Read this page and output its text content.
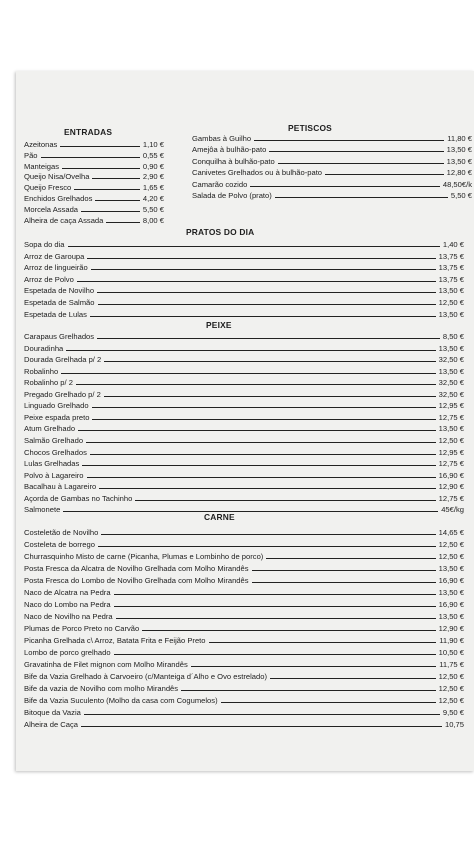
ENTRADAS
Azeitonas	1,10 €
Pão	0,55 €
Manteigas	0,90 €
Queijo Nisa/Ovelha	2,90 €
Queijo Fresco	1,65 €
Enchidos Grelhados	4,20 €
Morcela Assada	5,50 €
Alheira de caça Assada	8,00 €
PETISCOS
Gambas à Guilho	11,80 €
Amejôa à bulhão-pato	13,50 €
Conquilha à bulhão-pato	13,50 €
Canivetes Grelhados ou à bulhão-pato	12,80 €
Camarão cozido	48,50€/k
Salada de Polvo (prato)	5,50 €
PRATOS DO DIA
Sopa do dia	1,40 €
Arroz de Garoupa	13,75 €
Arroz de lingueirão	13,75 €
Arroz de Polvo	13,75 €
Espetada de Novilho	13,50 €
Espetada de Salmão	12,50 €
Espetada de Lulas	13,50 €
PEIXE
Carapaus Grelhados	8,50 €
Douradinha	13,50 €
Dourada Grelhada p/ 2	32,50 €
Robalinho	13,50 €
Robalinho p/ 2	32,50 €
Pregado Grelhado p/ 2	32,50 €
Linguado Grelhado	12,95 €
Peixe espada preto	12,75 €
Atum Grelhado	13,50 €
Salmão Grelhado	12,50 €
Chocos Grelhados	12,95 €
Lulas Grelhadas	12,75 €
Polvo à Lagareiro	16,90 €
Bacalhau à Lagareiro	12,90 €
Açorda de Gambas no Tachinho	12,75 €
Salmonete	45€/kg
CARNE
Costeletão de Novilho	14,65 €
Costeleta de borrego	12,50 €
Churrasquinho Misto de carne (Picanha, Plumas e Lombinho de porco)	12,50 €
Posta Fresca da Alcatra de Novilho Grelhada com Molho Mirandês	13,50 €
Posta Fresca do Lombo de Novilho Grelhada com Molho Mirandês	16,90 €
Naco de Alcatra na Pedra	13,50 €
Naco do Lombo na Pedra	16,90 €
Naco de Novilho na Pedra	13,50 €
Plumas de Porco Preto no Carvão	12,90 €
Picanha Grelhada c\ Arroz, Batata Frita e Feijão Preto	11,90 €
Lombo de porco grelhado	10,50 €
Gravatinha de Filet mignon com Molho Mirandês	11,75 €
Bife da Vazia Grelhado à Carvoeiro (c/Manteiga d´Alho e Ovo estrelado)	12,50 €
Bife da vazia de Novilho com molho Mirandês	12,50 €
Bife da Vazia Suculento (Molho da casa com Cogumelos)	12,50 €
Bitoque da Vazia	9,50 €
Alheira de Caça	10,75
